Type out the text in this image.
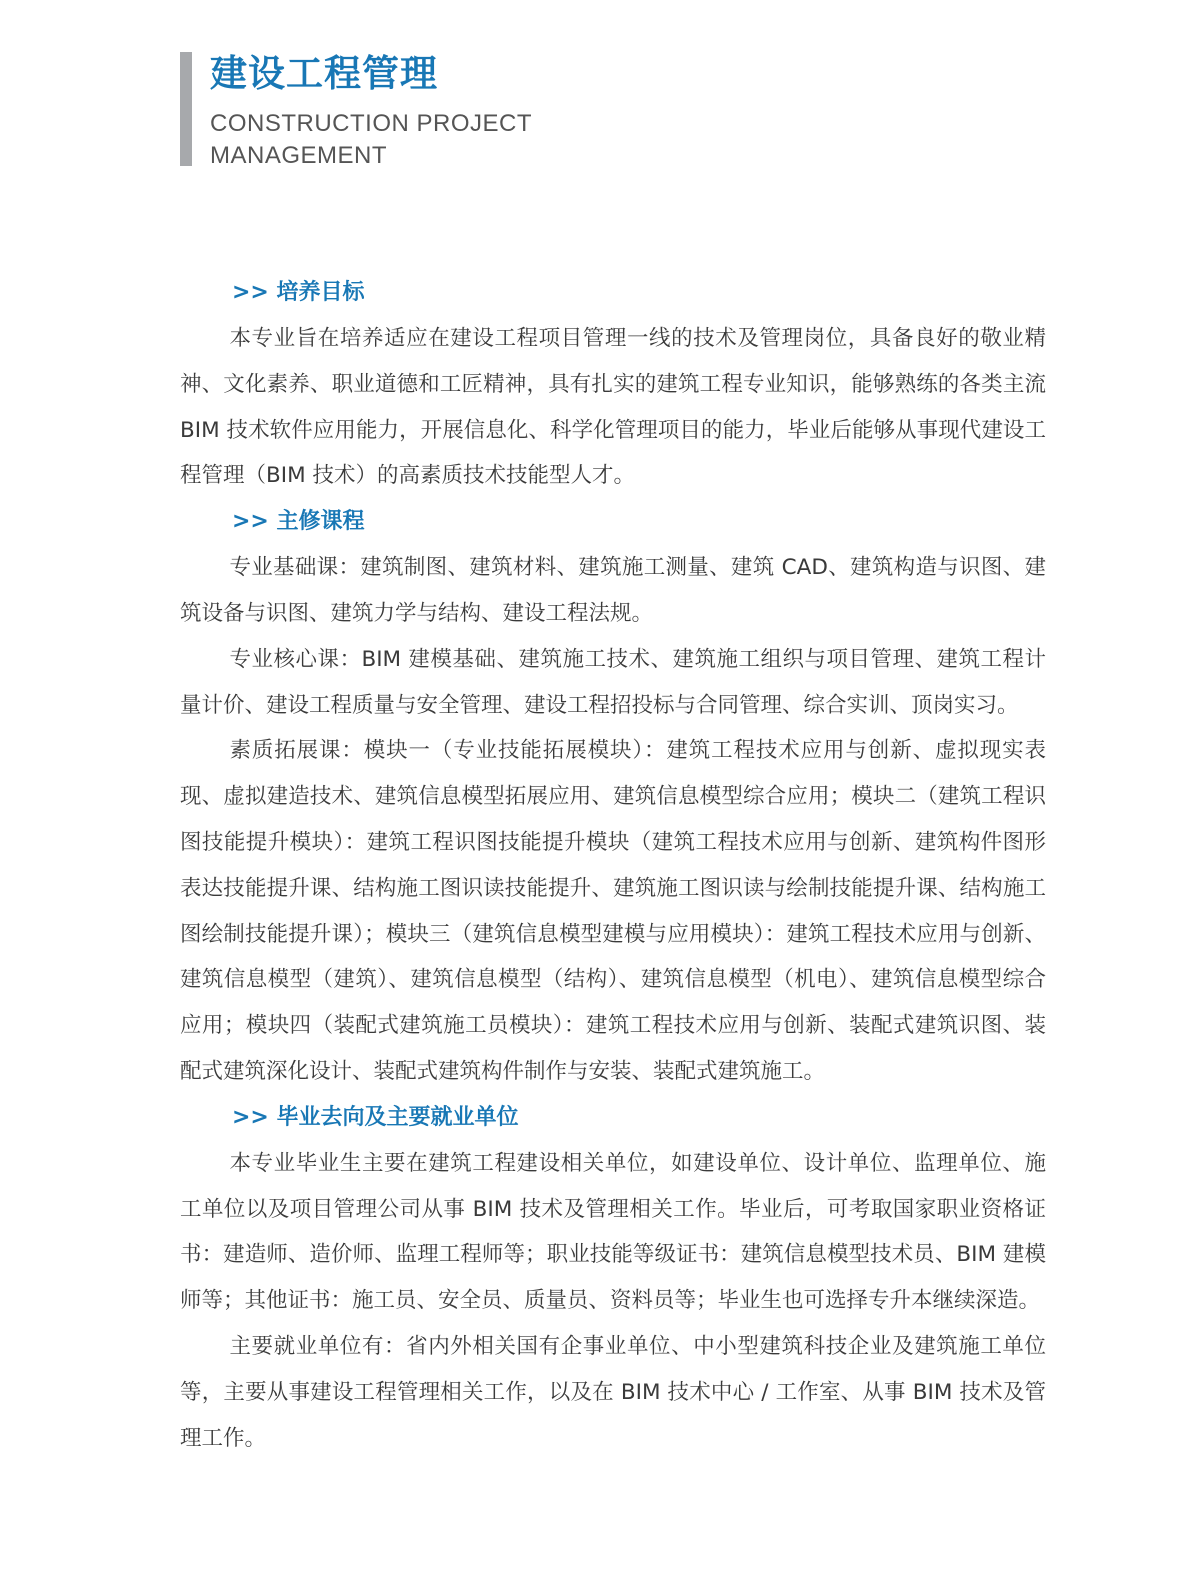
建设工程管理
CONSTRUCTION PROJECT
MANAGEMENT
>> 培养目标

本专业旨在培养适应在建设工程项目管理一线的技术及管理岗位，具备良好的敬业精神、文化素养、职业道德和工匠精神，具有扎实的建筑工程专业知识，能够熟练的各类主流 BIM 技术软件应用能力，开展信息化、科学化管理项目的能力，毕业后能够从事现代建设工程管理（BIM 技术）的高素质技术技能型人才。

>> 主修课程

专业基础课：建筑制图、建筑材料、建筑施工测量、建筑 CAD、建筑构造与识图、建筑设备与识图、建筑力学与结构、建设工程法规。

专业核心课：BIM 建模基础、建筑施工技术、建筑施工组织与项目管理、建筑工程计量计价、建设工程质量与安全管理、建设工程招投标与合同管理、综合实训、顶岗实习。

素质拓展课：模块一（专业技能拓展模块）：建筑工程技术应用与创新、虚拟现实表现、虚拟建造技术、建筑信息模型拓展应用、建筑信息模型综合应用；模块二（建筑工程识图技能提升模块）：建筑工程识图技能提升模块（建筑工程技术应用与创新、建筑构件图形表达技能提升课、结构施工图识读技能提升、建筑施工图识读与绘制技能提升课、结构施工图绘制技能提升课）；模块三（建筑信息模型建模与应用模块）：建筑工程技术应用与创新、建筑信息模型（建筑）、建筑信息模型（结构）、建筑信息模型（机电）、建筑信息模型综合应用；模块四（装配式建筑施工员模块）：建筑工程技术应用与创新、装配式建筑识图、装配式建筑深化设计、装配式建筑构件制作与安装、装配式建筑施工。

>> 毕业去向及主要就业单位

本专业毕业生主要在建筑工程建设相关单位，如建设单位、设计单位、监理单位、施工单位以及项目管理公司从事 BIM 技术及管理相关工作。毕业后，可考取国家职业资格证书：建造师、造价师、监理工程师等；职业技能等级证书：建筑信息模型技术员、BIM 建模师等；其他证书：施工员、安全员、质量员、资料员等；毕业生也可选择专升本继续深造。

主要就业单位有：省内外相关国有企事业单位、中小型建筑科技企业及建筑施工单位等，主要从事建设工程管理相关工作，以及在 BIM 技术中心 / 工作室、从事 BIM 技术及管理工作。
